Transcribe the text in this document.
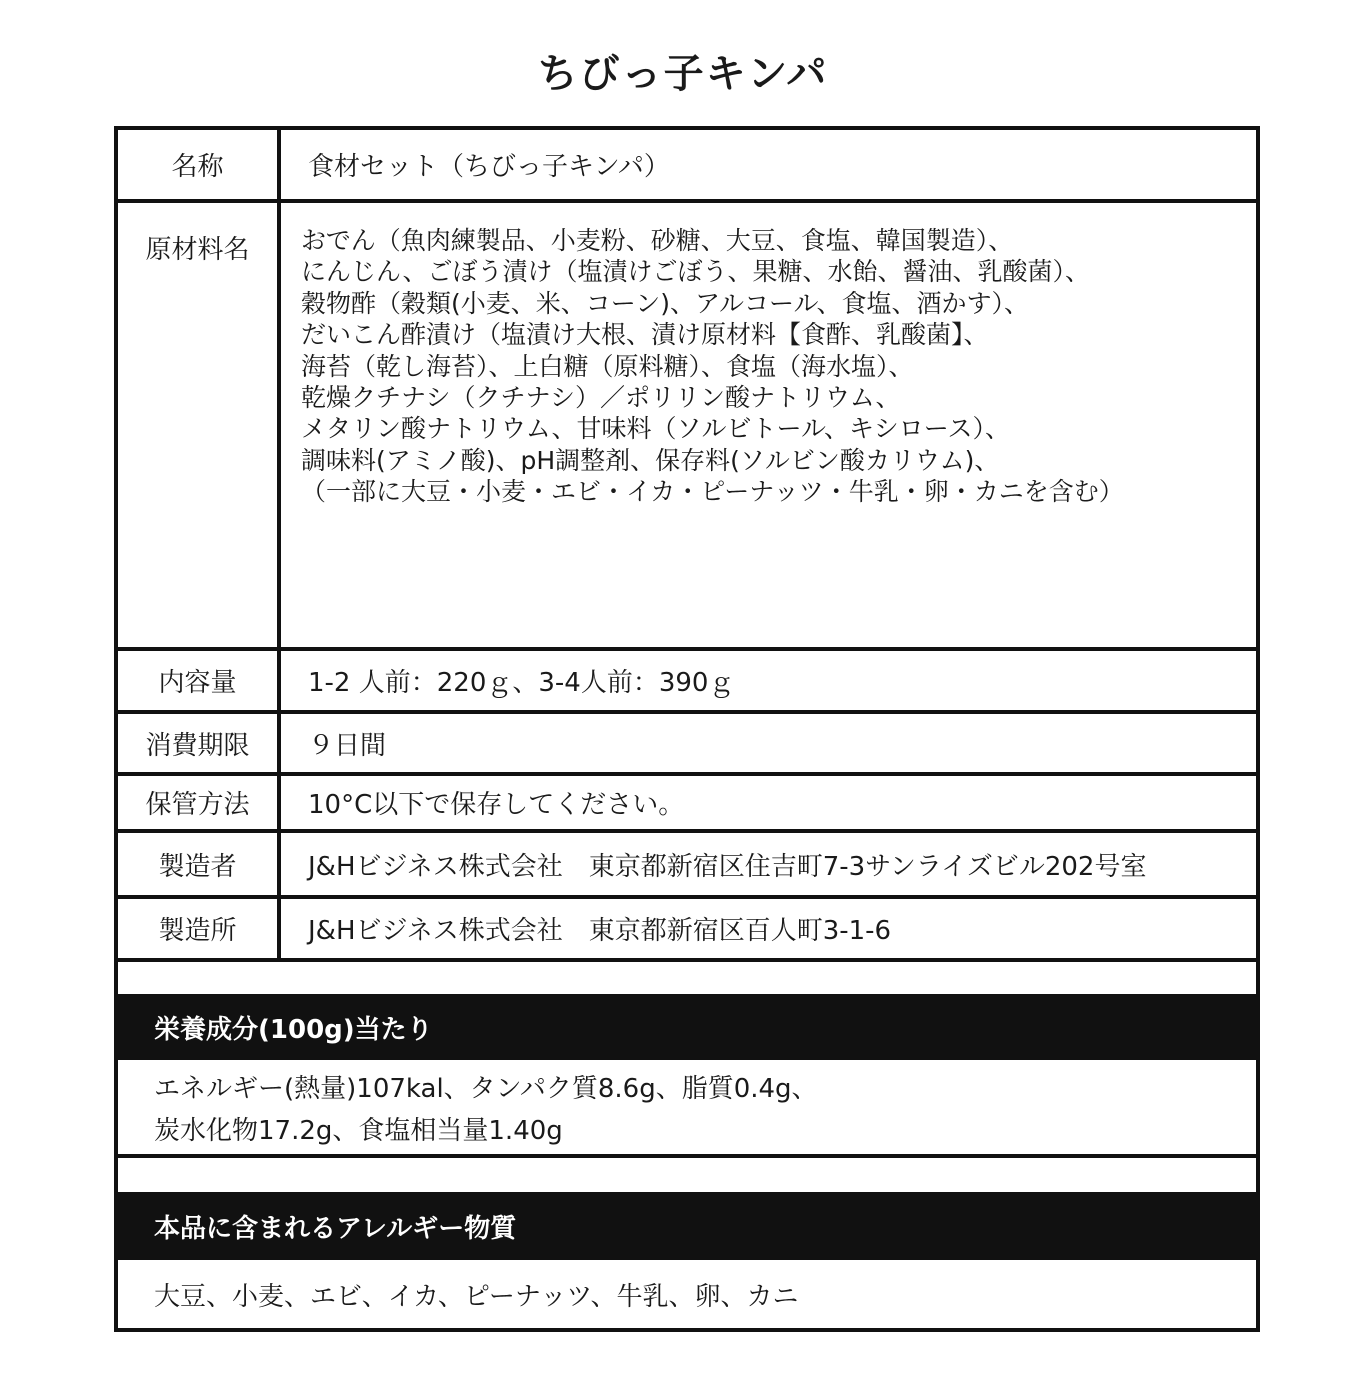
ちびっ子キンパ
名称	食材セット（ちびっ子キンパ）
原材料名	おでん（魚肉練製品、小麦粉、砂糖、大豆、食塩、韓国製造）、
にんじん、ごぼう漬け（塩漬けごぼう、果糖、水飴、醤油、乳酸菌）、
穀物酢（穀類(小麦、米、コーン)、アルコール、食塩、酒かす）、
だいこん酢漬け（塩漬け大根、漬け原材料【食酢、乳酸菌】、
海苔（乾し海苔）、上白糖（原料糖）、食塩（海水塩）、
乾燥クチナシ（クチナシ）／ポリリン酸ナトリウム、
メタリン酸ナトリウム、甘味料（ソルビトール、キシロース）、
調味料(アミノ酸)、pH調整剤、保存料(ソルビン酸カリウム)、
（一部に大豆・小麦・エビ・イカ・ピーナッツ・牛乳・卵・カニを含む）
内容量	1-2 人前：220ｇ、3-4人前：390ｇ
消費期限	９日間
保管方法	10°C以下で保存してください。
製造者	J&Hビジネス株式会社　東京都新宿区住吉町7-3サンライズビル202号室
製造所	J&Hビジネス株式会社　東京都新宿区百人町3-1-6
栄養成分(100g)当たり
エネルギー(熱量)107kal、タンパク質8.6g、脂質0.4g、
炭水化物17.2g、食塩相当量1.40g
本品に含まれるアレルギー物質
大豆、小麦、エビ、イカ、ピーナッツ、牛乳、卵、カニ
